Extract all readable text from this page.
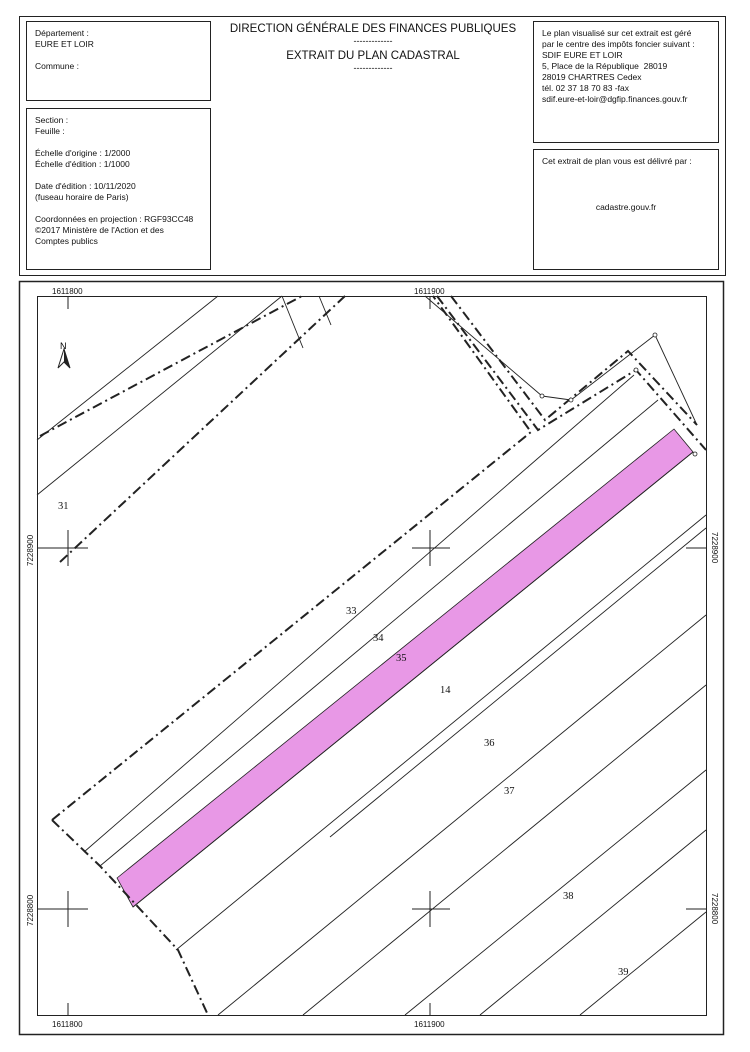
Département :

EURE ET LOIR

Commune :

Section :

Feuille :

Échelle d'origine : 1/2000

Échelle d'édition : 1/1000

Date d'édition : 10/11/2020

(fuseau horaire de Paris)

Coordonnées en projection : RGF93CC48

©2017 Ministère de l'Action et des

Comptes publics

DIRECTION GÉNÉRALE DES FINANCES PUBLIQUES
-------------
EXTRAIT DU PLAN CADASTRAL
-------------

Le plan visualisé sur cet extrait est géré

par le centre des impôts foncier suivant :

SDIF EURE ET LOIR

5, Place de la République  28019

28019 CHARTRES Cedex

tél. 02 37 18 70 83 -fax

sdif.eure-et-loir@dgfip.finances.gouv.fr

Cet extrait de plan vous est délivré par :

cadastre.gouv.fr

1611800	1611900
1611800	1611900
7228900
7228800
7228900
7228800
N
31
33
34
35
14
36
37
38
39
